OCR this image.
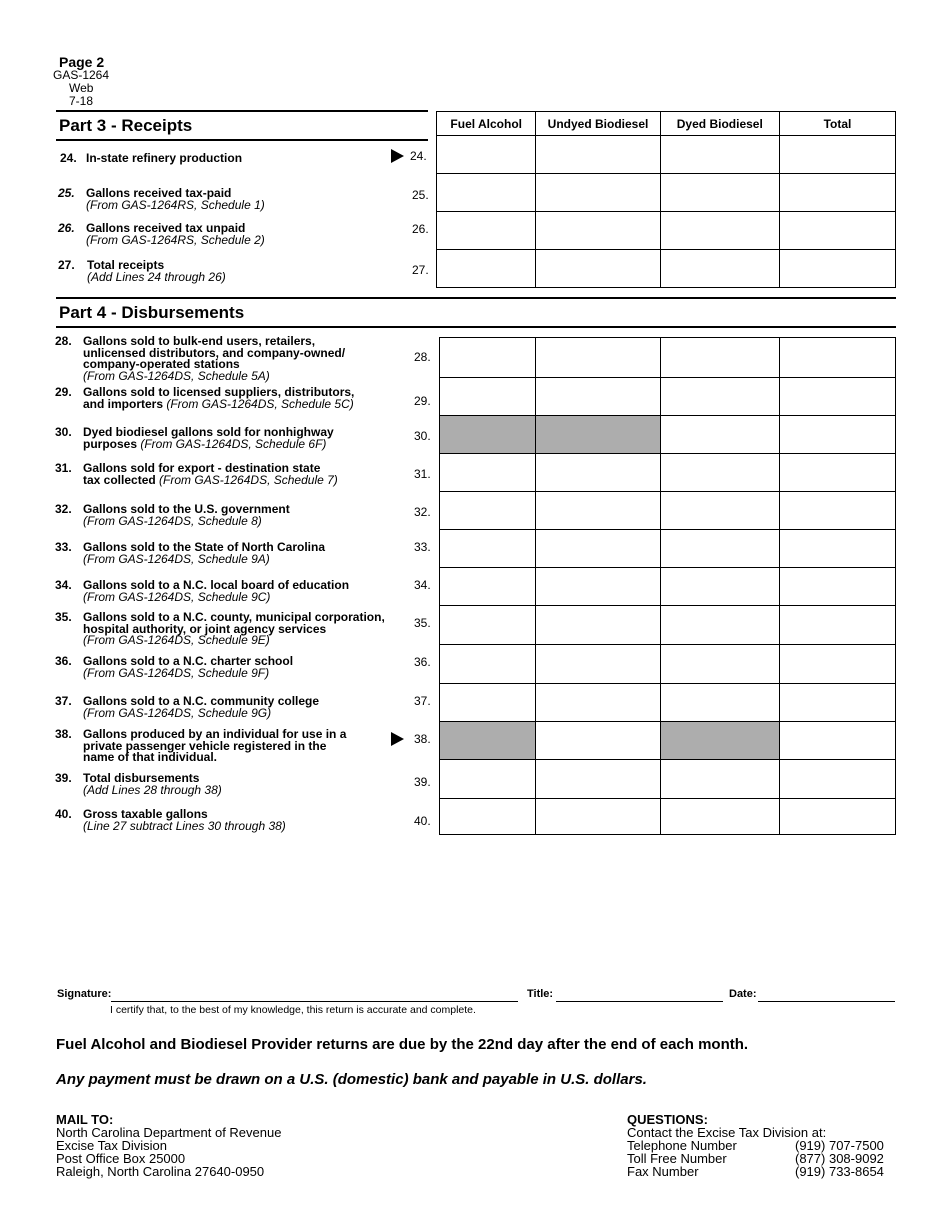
Page 2
GAS-1264
Web
7-18
Part 3 - Receipts	Fuel Alcohol	Undyed Biodiesel	Dyed Biodiesel	Total

24. In-state refinery production	24.
25. Gallons received tax-paid
(From GAS-1264RS, Schedule 1)
25.
26. Gallons received tax unpaid
(From GAS-1264RS, Schedule 2)
26.
27. Total receipts
(Add Lines 24 through 26)	27.
Part 4 - Disbursements

28. Gallons sold to bulk-end users, retailers,
unlicensed distributors, and company-owned/
company-operated stations
(From GAS-1264DS, Schedule 5A)
28.
29. Gallons sold to licensed suppliers, distributors,
and importers (From GAS-1264DS, Schedule 5C)	29.
30. Dyed biodiesel gallons sold for nonhighway
purposes (From GAS-1264DS, Schedule 6F)
30.
31. Gallons sold for export - destination state
tax collected (From GAS-1264DS, Schedule 7)	31.
32. Gallons sold to the U.S. government
(From GAS-1264DS, Schedule 8)
32.
33. Gallons sold to the State of North Carolina
(From GAS-1264DS, Schedule 9A)
33.
34. Gallons sold to a N.C. local board of education
(From GAS-1264DS, Schedule 9C)
34.
35. Gallons sold to a N.C. county, municipal corporation,
hospital authority, or joint agency services
(From GAS-1264DS, Schedule 9E)
35.
36. Gallons sold to a N.C. charter school
(From GAS-1264DS, Schedule 9F)
36.
37. Gallons sold to a N.C. community college
(From GAS-1264DS, Schedule 9G)
37.
38. Gallons produced by an individual for use in a
private passenger vehicle registered in the
name of that individual.
38.
39. Total disbursements
(Add Lines 28 through 38)
39.
40. Gross taxable gallons
(Line 27 subtract Lines 30 through 38)	40.
Signature:	Title:	Date:
I certify that, to the best of my knowledge, this return is accurate and complete.
Fuel Alcohol and Biodiesel Provider returns are due by the 22nd day after the end of each month.
Any payment must be drawn on a U.S. (domestic) bank and payable in U.S. dollars.
MAIL TO:
North Carolina Department of Revenue
Excise Tax Division
Post Office Box 25000
Raleigh, North Carolina 27640-0950
QUESTIONS:
Contact the Excise Tax Division at:
Telephone Number	(919) 707-7500
Toll Free Number	(877) 308-9092
Fax Number	(919) 733-8654
